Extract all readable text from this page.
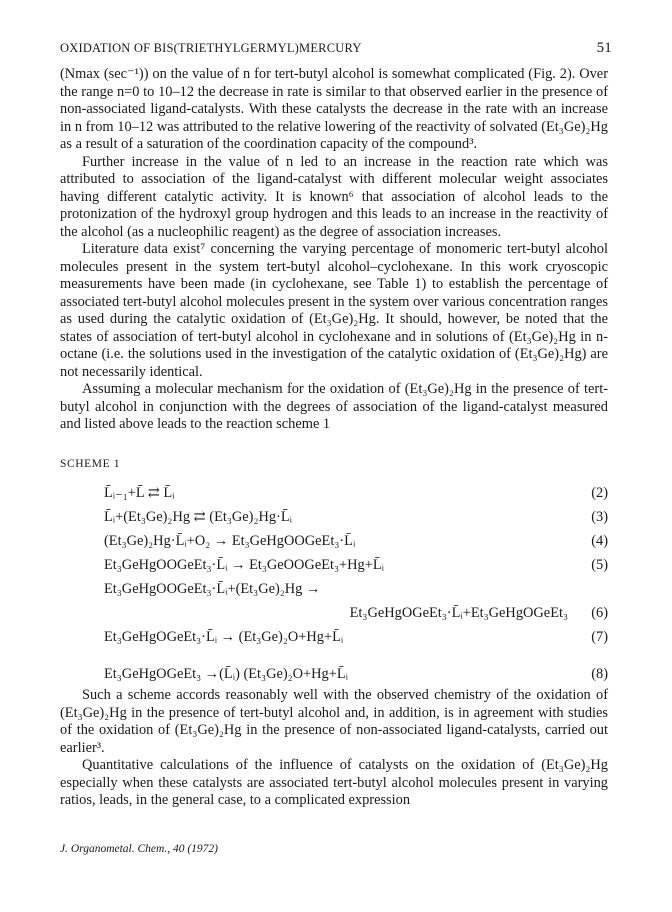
OXIDATION OF BIS(TRIETHYLGERMYL)MERCURY	51

(Nmax (sec⁻¹)) on the value of n for tert-butyl alcohol is somewhat complicated (Fig. 2). Over the range n=0 to 10–12 the decrease in rate is similar to that observed earlier in the presence of non-associated ligand-catalysts. With these catalysts the decrease in the rate with an increase in n from 10–12 was attributed to the relative lowering of the reactivity of solvated (Et₃Ge)₂Hg as a result of a saturation of the coordination capacity of the compound³.

Further increase in the value of n led to an increase in the reaction rate which was attributed to association of the ligand-catalyst with different molecular weight associates having different catalytic activity. It is known⁶ that association of alcohol leads to the protonization of the hydroxyl group hydrogen and this leads to an increase in the reactivity of the alcohol (as a nucleophilic reagent) as the degree of association increases.

Literature data exist⁷ concerning the varying percentage of monomeric tert-butyl alcohol molecules present in the system tert-butyl alcohol–cyclohexane. In this work cryoscopic measurements have been made (in cyclohexane, see Table 1) to establish the percentage of associated tert-butyl alcohol molecules present in the system over various concentration ranges as used during the catalytic oxidation of (Et₃Ge)₂Hg. It should, however, be noted that the states of association of tert-butyl alcohol in cyclohexane and in solutions of (Et₃Ge)₂Hg in n-octane (i.e. the solutions used in the investigation of the catalytic oxidation of (Et₃Ge)₂Hg) are not necessarily identical.

Assuming a molecular mechanism for the oxidation of (Et₃Ge)₂Hg in the presence of tert-butyl alcohol in conjunction with the degrees of association of the ligand-catalyst measured and listed above leads to the reaction scheme 1

SCHEME 1
L̄ᵢ₋₁+L̄ ⇄ L̄ᵢ	(2)
L̄ᵢ+(Et₃Ge)₂Hg ⇄ (Et₃Ge)₂Hg·L̄ᵢ	(3)
(Et₃Ge)₂Hg·L̄ᵢ+O₂ → Et₃GeHgOOGeEt₃·L̄ᵢ	(4)
Et₃GeHgOOGeEt₃·L̄ᵢ → Et₃GeOOGeEt₃+Hg+L̄ᵢ	(5)
Et₃GeHgOOGeEt₃·L̄ᵢ+(Et₃Ge)₂Hg →
Et₃GeHgOGeEt₃·L̄ᵢ+Et₃GeHgOGeEt₃	(6)
Et₃GeHgOGeEt₃·L̄ᵢ → (Et₃Ge)₂O+Hg+L̄ᵢ	(7)
Et₃GeHgOGeEt₃ →(L̄ᵢ) (Et₃Ge)₂O+Hg+L̄ᵢ	(8)

Such a scheme accords reasonably well with the observed chemistry of the oxidation of (Et₃Ge)₂Hg in the presence of tert-butyl alcohol and, in addition, is in agreement with studies of the oxidation of (Et₃Ge)₂Hg in the presence of non-associated ligand-catalysts, carried out earlier³.

Quantitative calculations of the influence of catalysts on the oxidation of (Et₃Ge)₂Hg especially when these catalysts are associated tert-butyl alcohol molecules present in varying ratios, leads, in the general case, to a complicated expression

J. Organometal. Chem., 40 (1972)
